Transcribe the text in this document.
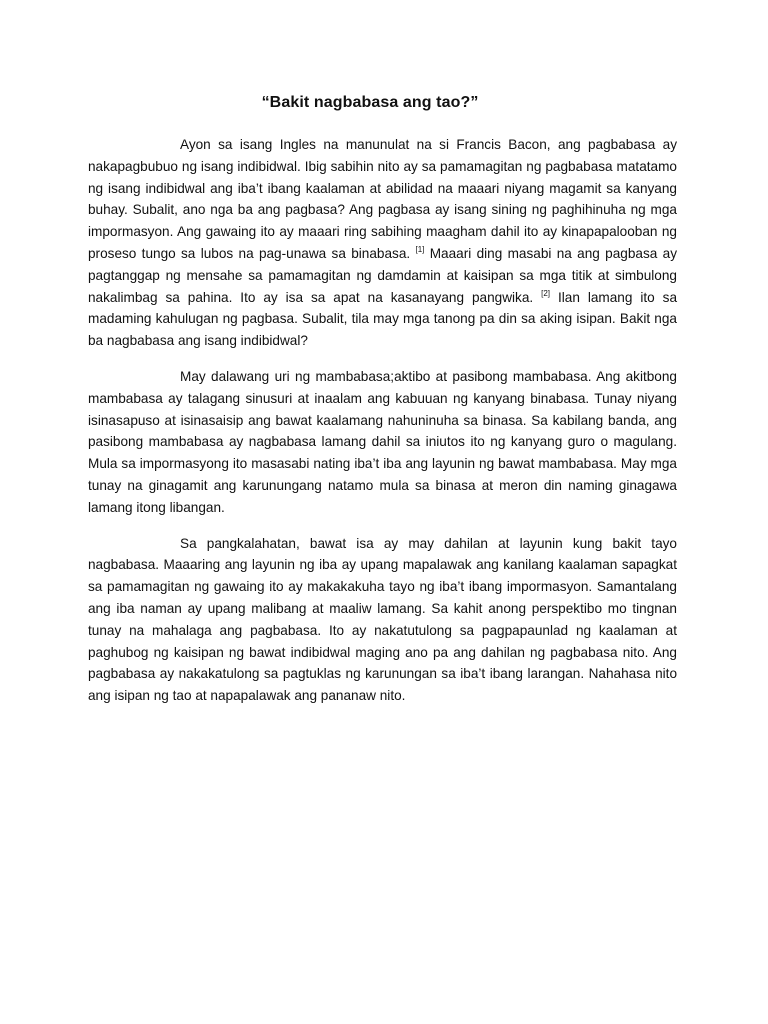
“Bakit nagbabasa ang tao?”

Ayon sa isang Ingles na manunulat na si Francis Bacon, ang pagbabasa ay nakapagbubuo ng isang indibidwal. Ibig sabihin nito ay sa pamamagitan ng pagbabasa matatamo ng isang indibidwal ang iba’t ibang kaalaman at abilidad na maaari niyang magamit sa kanyang buhay. Subalit, ano nga ba ang pagbasa? Ang pagbasa ay isang sining ng paghihinuha ng mga impormasyon. Ang gawaing ito ay maaari ring sabihing maagham dahil ito ay kinapapalooban ng proseso tungo sa lubos na pag-unawa sa binabasa. [1] Maaari ding masabi na ang pagbasa ay pagtanggap ng mensahe sa pamamagitan ng damdamin at kaisipan sa mga titik at simbulong nakalimbag sa pahina. Ito ay isa sa apat na kasanayang pangwika. [2] Ilan lamang ito sa madaming kahulugan ng pagbasa. Subalit, tila may mga tanong pa din sa aking isipan. Bakit nga ba nagbabasa ang isang indibidwal?

May dalawang uri ng mambabasa;aktibo at pasibong mambabasa. Ang akitbong mambabasa ay talagang sinusuri at inaalam ang kabuuan ng kanyang binabasa. Tunay niyang isinasapuso at isinasaisip ang bawat kaalamang nahuninuha sa binasa. Sa kabilang banda, ang pasibong mambabasa ay nagbabasa lamang dahil sa iniutos ito ng kanyang guro o magulang. Mula sa impormasyong ito masasabi nating iba’t iba ang layunin ng bawat mambabasa. May mga tunay na ginagamit ang karunungang natamo mula sa binasa at meron din naming ginagawa lamang itong libangan.

Sa pangkalahatan, bawat isa ay may dahilan at layunin kung bakit tayo nagbabasa. Maaaring ang layunin ng iba ay upang mapalawak ang kanilang kaalaman sapagkat sa pamamagitan ng gawaing ito ay makakakuha tayo ng iba’t ibang impormasyon. Samantalang ang iba naman ay upang malibang at maaliw lamang. Sa kahit anong perspektibo mo tingnan tunay na mahalaga ang pagbabasa. Ito ay nakatutulong sa pagpapaunlad ng kaalaman at paghubog ng kaisipan ng bawat indibidwal maging ano pa ang dahilan ng pagbabasa nito. Ang pagbabasa ay nakakatulong sa pagtuklas ng karunungan sa iba’t ibang larangan. Nahahasa nito ang isipan ng tao at napapalawak ang pananaw nito.
